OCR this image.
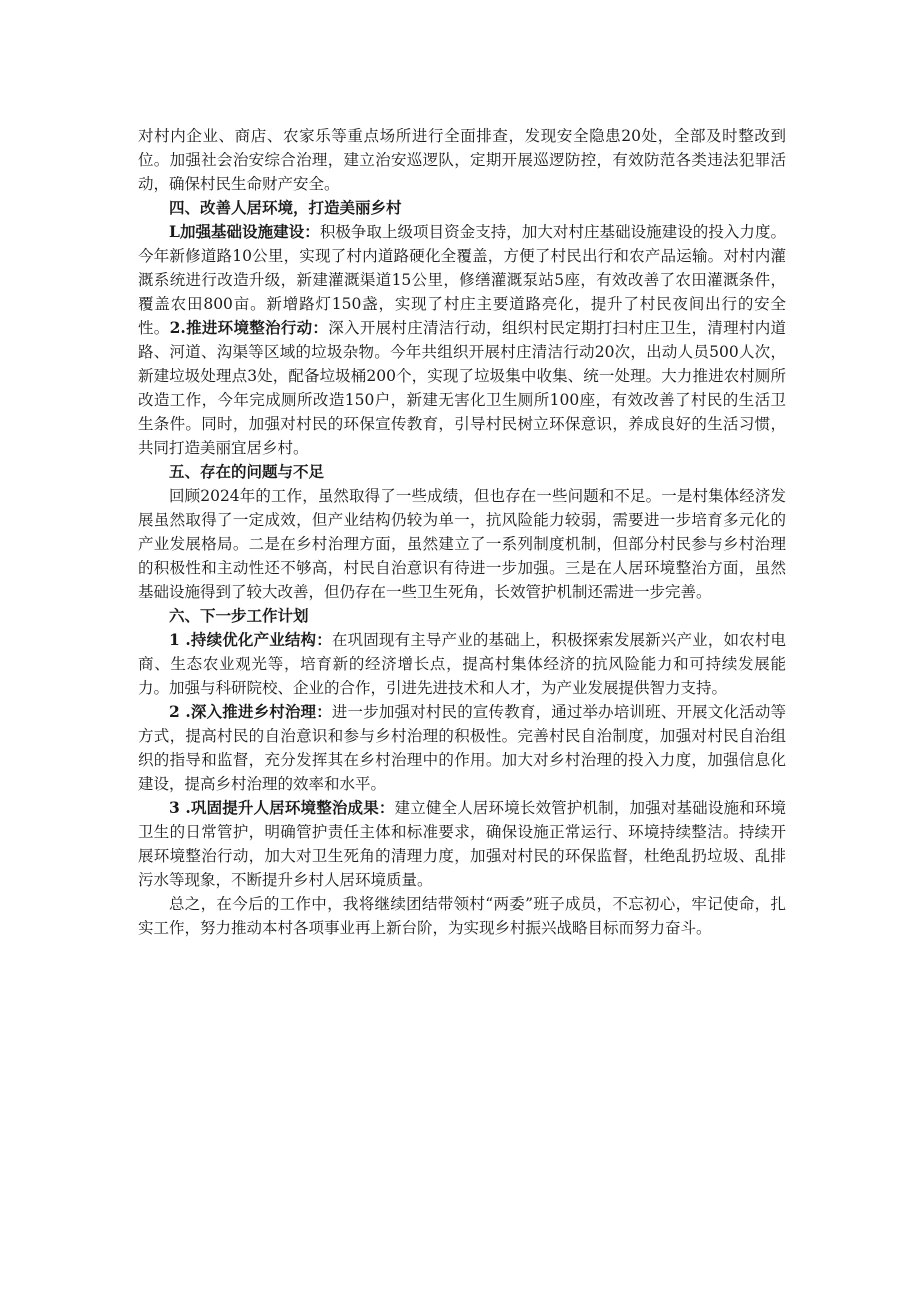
对村内企业、商店、农家乐等重点场所进行全面排查，发现安全隐患20处，全部及时整改到位。加强社会治安综合治理，建立治安巡逻队，定期开展巡逻防控，有效防范各类违法犯罪活动，确保村民生命财产安全。

四、改善人居环境，打造美丽乡村

L加强基础设施建设：积极争取上级项目资金支持，加大对村庄基础设施建设的投入力度。今年新修道路10公里，实现了村内道路硬化全覆盖，方便了村民出行和农产品运输。对村内灌溉系统进行改造升级，新建灌溉渠道15公里，修缮灌溉泵站5座，有效改善了农田灌溉条件，覆盖农田800亩。新增路灯150盏，实现了村庄主要道路亮化，提升了村民夜间出行的安全性。2.推进环境整治行动：深入开展村庄清洁行动，组织村民定期打扫村庄卫生，清理村内道路、河道、沟渠等区域的垃圾杂物。今年共组织开展村庄清洁行动20次，出动人员500人次，新建垃圾处理点3处，配备垃圾桶200个，实现了垃圾集中收集、统一处理。大力推进农村厕所改造工作，今年完成厕所改造150户，新建无害化卫生厕所100座，有效改善了村民的生活卫生条件。同时，加强对村民的环保宣传教育，引导村民树立环保意识，养成良好的生活习惯，共同打造美丽宜居乡村。

五、存在的问题与不足

回顾2024年的工作，虽然取得了一些成绩，但也存在一些问题和不足。一是村集体经济发展虽然取得了一定成效，但产业结构仍较为单一，抗风险能力较弱，需要进一步培育多元化的产业发展格局。二是在乡村治理方面，虽然建立了一系列制度机制，但部分村民参与乡村治理的积极性和主动性还不够高，村民自治意识有待进一步加强。三是在人居环境整治方面，虽然基础设施得到了较大改善，但仍存在一些卫生死角，长效管护机制还需进一步完善。

六、下一步工作计划

1 .持续优化产业结构：在巩固现有主导产业的基础上，积极探索发展新兴产业，如农村电商、生态农业观光等，培育新的经济增长点，提高村集体经济的抗风险能力和可持续发展能力。加强与科研院校、企业的合作，引进先进技术和人才，为产业发展提供智力支持。

2 .深入推进乡村治理：进一步加强对村民的宣传教育，通过举办培训班、开展文化活动等方式，提高村民的自治意识和参与乡村治理的积极性。完善村民自治制度，加强对村民自治组织的指导和监督，充分发挥其在乡村治理中的作用。加大对乡村治理的投入力度，加强信息化建设，提高乡村治理的效率和水平。

3 .巩固提升人居环境整治成果：建立健全人居环境长效管护机制，加强对基础设施和环境卫生的日常管护，明确管护责任主体和标准要求，确保设施正常运行、环境持续整洁。持续开展环境整治行动，加大对卫生死角的清理力度，加强对村民的环保监督，杜绝乱扔垃圾、乱排污水等现象，不断提升乡村人居环境质量。

总之，在今后的工作中，我将继续团结带领村“两委”班子成员，不忘初心，牢记使命，扎实工作，努力推动本村各项事业再上新台阶，为实现乡村振兴战略目标而努力奋斗。
